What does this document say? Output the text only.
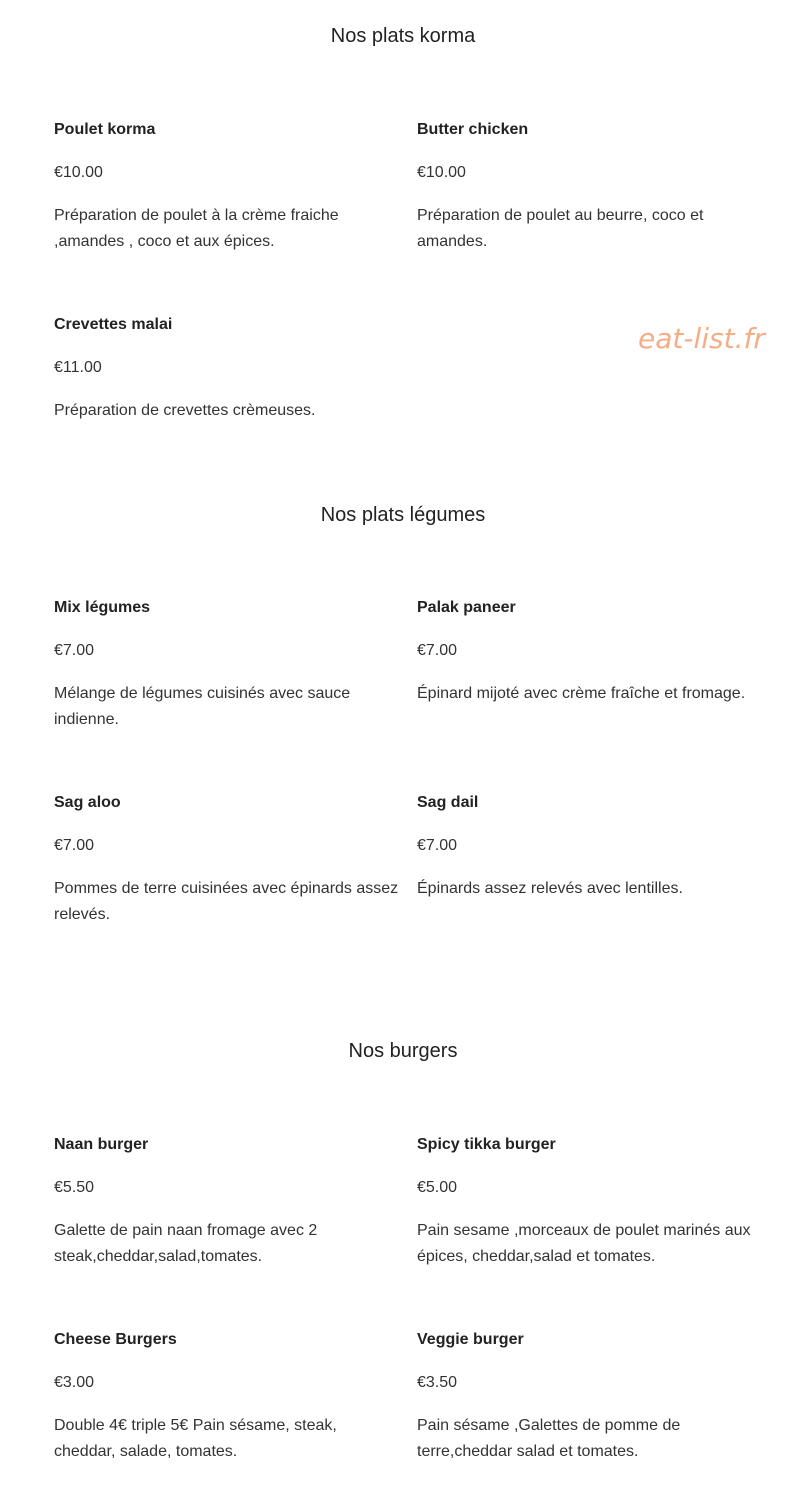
Nos plats korma
Poulet korma
€10.00
Préparation de poulet à la crème fraiche ,amandes , coco et aux épices.
Butter chicken
€10.00
Préparation de poulet au beurre, coco et amandes.
Crevettes malai
€11.00
Préparation de crevettes crèmeuses.
eat-list.fr
Nos plats légumes
Mix légumes
€7.00
Mélange de légumes cuisinés avec sauce indienne.
Palak paneer
€7.00
Épinard mijoté avec crème fraîche et fromage.
Sag aloo
€7.00
Pommes de terre cuisinées avec épinards assez relevés.
Sag dail
€7.00
Épinards assez relevés avec lentilles.
Nos burgers
Naan burger
€5.50
Galette de pain naan fromage avec 2 steak,cheddar,salad,tomates.
Spicy tikka burger
€5.00
Pain sesame ,morceaux de poulet marinés aux épices, cheddar,salad et tomates.
Cheese Burgers
€3.00
Double 4€ triple 5€ Pain sésame, steak, cheddar, salade, tomates.
Veggie burger
€3.50
Pain sésame ,Galettes de pomme de terre,cheddar salad et tomates.
